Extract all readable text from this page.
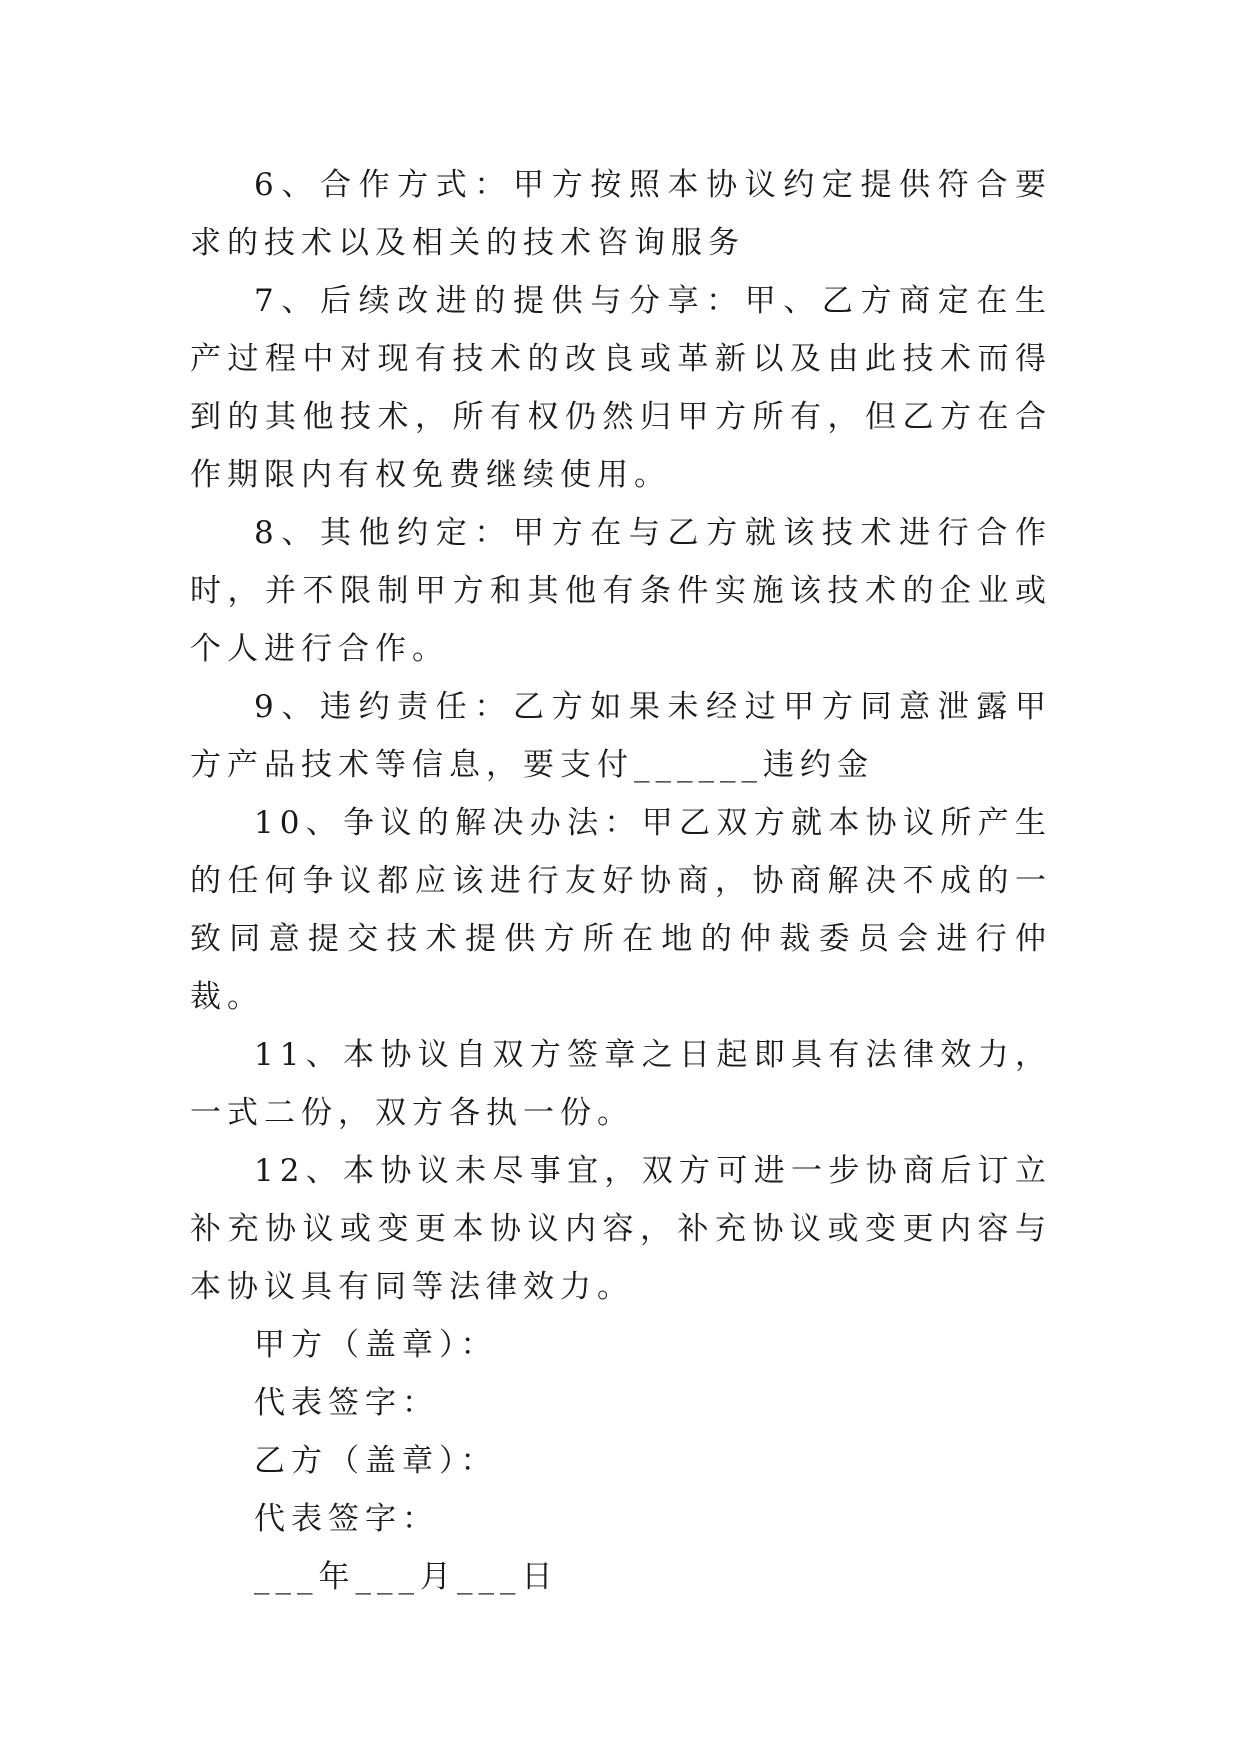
6、合作方式：甲方按照本协议约定提供符合要求的技术以及相关的技术咨询服务

7、后续改进的提供与分享：甲、乙方商定在生产过程中对现有技术的改良或革新以及由此技术而得到的其他技术，所有权仍然归甲方所有，但乙方在合作期限内有权免费继续使用。

8、其他约定：甲方在与乙方就该技术进行合作时，并不限制甲方和其他有条件实施该技术的企业或个人进行合作。

9、违约责任：乙方如果未经过甲方同意泄露甲方产品技术等信息，要支付______违约金

10、争议的解决办法：甲乙双方就本协议所产生的任何争议都应该进行友好协商，协商解决不成的一致同意提交技术提供方所在地的仲裁委员会进行仲裁。

11、本协议自双方签章之日起即具有法律效力，一式二份，双方各执一份。

12、本协议未尽事宜，双方可进一步协商后订立补充协议或变更本协议内容，补充协议或变更内容与本协议具有同等法律效力。

甲方（盖章）：

代表签字：

乙方（盖章）：

代表签字：

___年___月___日
